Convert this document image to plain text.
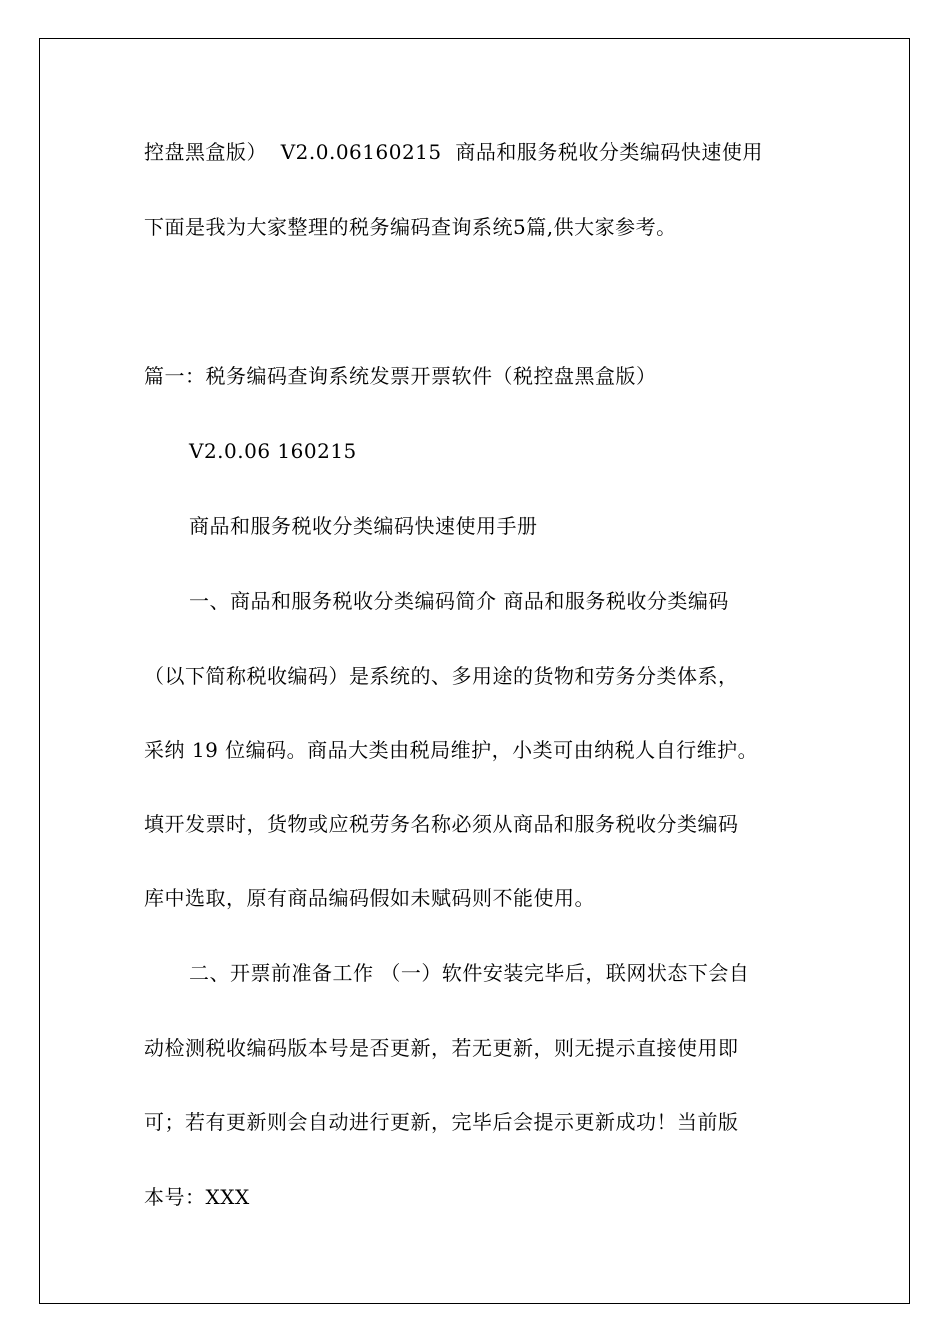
控盘黑盒版）  V2.0.06160215  商品和服务税收分类编码快速使用
下面是我为大家整理的税务编码查询系统5篇,供大家参考。
篇一：税务编码查询系统发票开票软件（税控盘黑盒版）
V2.0.06 160215
商品和服务税收分类编码快速使用手册
一、商品和服务税收分类编码简介 商品和服务税收分类编码
（以下简称税收编码）是系统的、多用途的货物和劳务分类体系，
采纳 19 位编码。商品大类由税局维护，小类可由纳税人自行维护。
填开发票时，货物或应税劳务名称必须从商品和服务税收分类编码
库中选取，原有商品编码假如未赋码则不能使用。
二、开票前准备工作 （一）软件安装完毕后，联网状态下会自
动检测税收编码版本号是否更新，若无更新，则无提示直接使用即
可；若有更新则会自动进行更新，完毕后会提示更新成功！当前版
本号：XXX
